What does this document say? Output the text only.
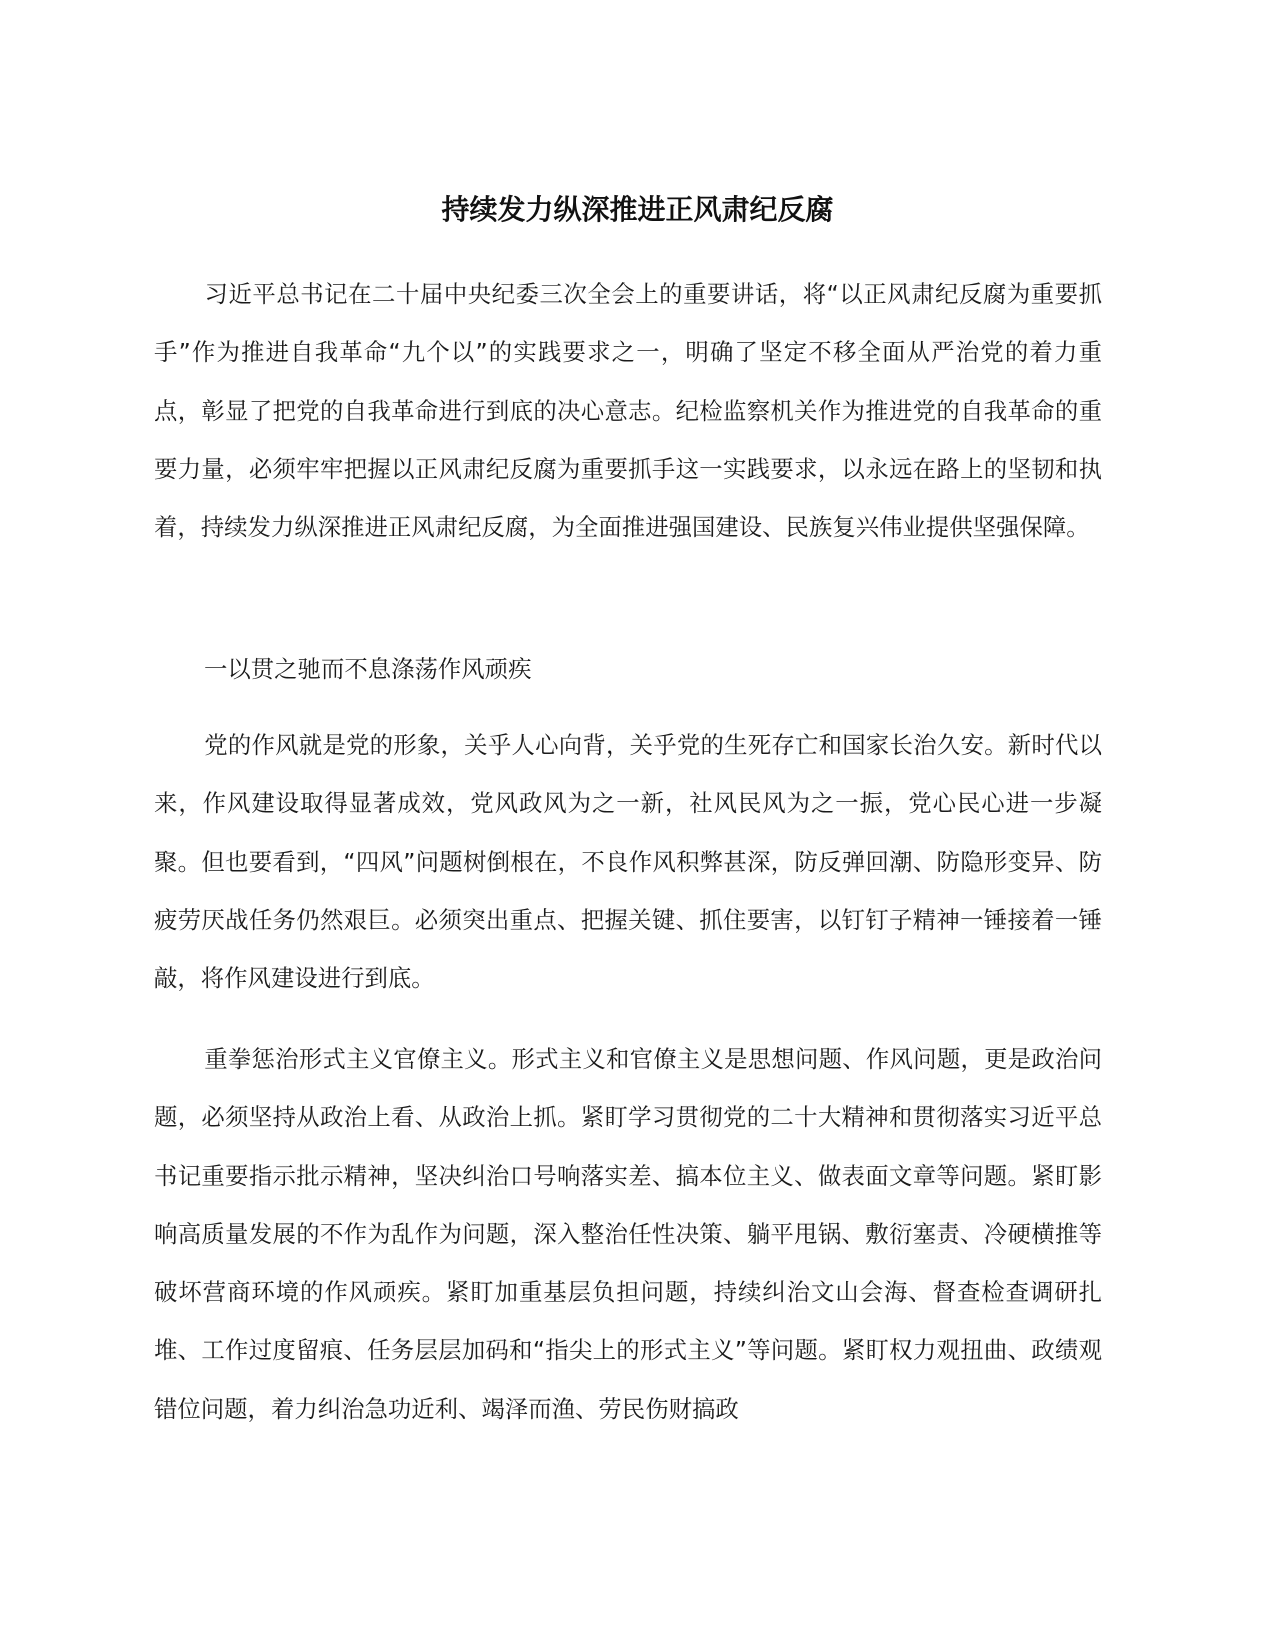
持续发力纵深推进正风肃纪反腐

习近平总书记在二十届中央纪委三次全会上的重要讲话，将“以正风肃纪反腐为重要抓手”作为推进自我革命“九个以”的实践要求之一，明确了坚定不移全面从严治党的着力重点，彰显了把党的自我革命进行到底的决心意志。纪检监察机关作为推进党的自我革命的重要力量，必须牢牢把握以正风肃纪反腐为重要抓手这一实践要求，以永远在路上的坚韧和执着，持续发力纵深推进正风肃纪反腐，为全面推进强国建设、民族复兴伟业提供坚强保障。

一以贯之驰而不息涤荡作风顽疾

党的作风就是党的形象，关乎人心向背，关乎党的生死存亡和国家长治久安。新时代以来，作风建设取得显著成效，党风政风为之一新，社风民风为之一振，党心民心进一步凝聚。但也要看到，“四风”问题树倒根在，不良作风积弊甚深，防反弹回潮、防隐形变异、防疲劳厌战任务仍然艰巨。必须突出重点、把握关键、抓住要害，以钉钉子精神一锤接着一锤敲，将作风建设进行到底。

重拳惩治形式主义官僚主义。形式主义和官僚主义是思想问题、作风问题，更是政治问题，必须坚持从政治上看、从政治上抓。紧盯学习贯彻党的二十大精神和贯彻落实习近平总书记重要指示批示精神，坚决纠治口号响落实差、搞本位主义、做表面文章等问题。紧盯影响高质量发展的不作为乱作为问题，深入整治任性决策、躺平甩锅、敷衍塞责、冷硬横推等破坏营商环境的作风顽疾。紧盯加重基层负担问题，持续纠治文山会海、督查检查调研扎堆、工作过度留痕、任务层层加码和“指尖上的形式主义”等问题。紧盯权力观扭曲、政绩观错位问题，着力纠治急功近利、竭泽而渔、劳民伤财搞政
